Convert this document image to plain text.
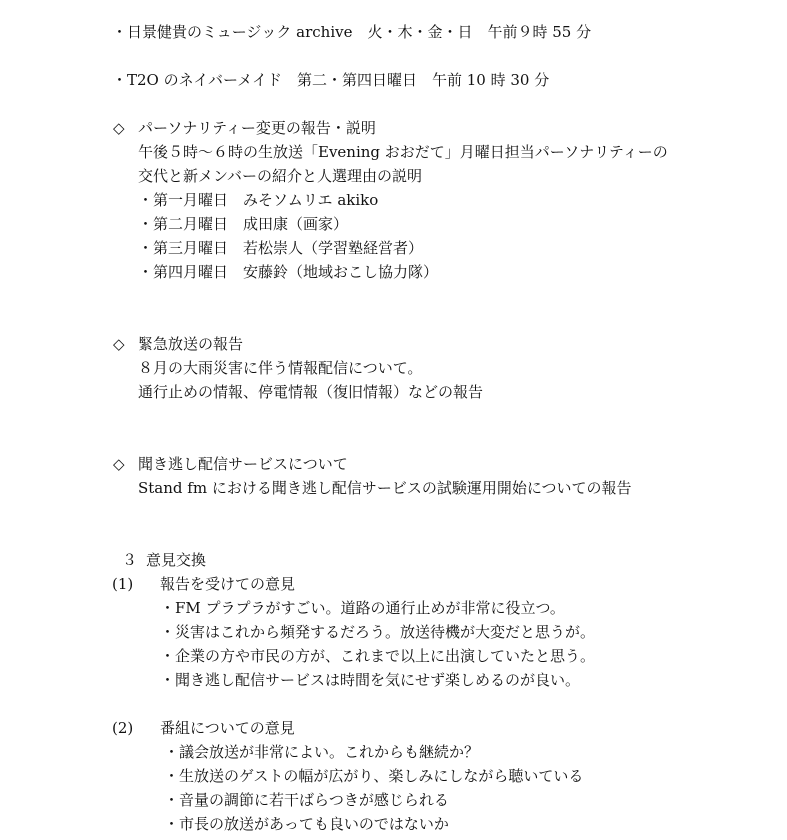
・日景健貴のミュージック archive　火・木・金・日　午前９時 55 分
・T2O のネイバーメイド　第二・第四日曜日　午前 10 時 30 分
◇ パーソナリティー変更の報告・説明
午後５時～６時の生放送「Evening おおだて」月曜日担当パーソナリティーの
交代と新メンバーの紹介と人選理由の説明
・第一月曜日　みそソムリエ akiko
・第二月曜日　成田康（画家）
・第三月曜日　若松崇人（学習塾経営者）
・第四月曜日　安藤鈴（地域おこし協力隊）
◇ 緊急放送の報告
８月の大雨災害に伴う情報配信について。
通行止めの情報、停電情報（復旧情報）などの報告
◇ 聞き逃し配信サービスについて
Stand fm における聞き逃し配信サービスの試験運用開始についての報告
３ 意見交換
(1) 報告を受けての意見
・FM プラプラがすごい。道路の通行止めが非常に役立つ。
・災害はこれから頻発するだろう。放送待機が大変だと思うが。
・企業の方や市民の方が、これまで以上に出演していたと思う。
・聞き逃し配信サービスは時間を気にせず楽しめるのが良い。
(2) 番組についての意見
・議会放送が非常によい。これからも継続か？
・生放送のゲストの幅が広がり、楽しみにしながら聴いている
・音量の調節に若干ばらつきが感じられる
・市長の放送があっても良いのではないか
